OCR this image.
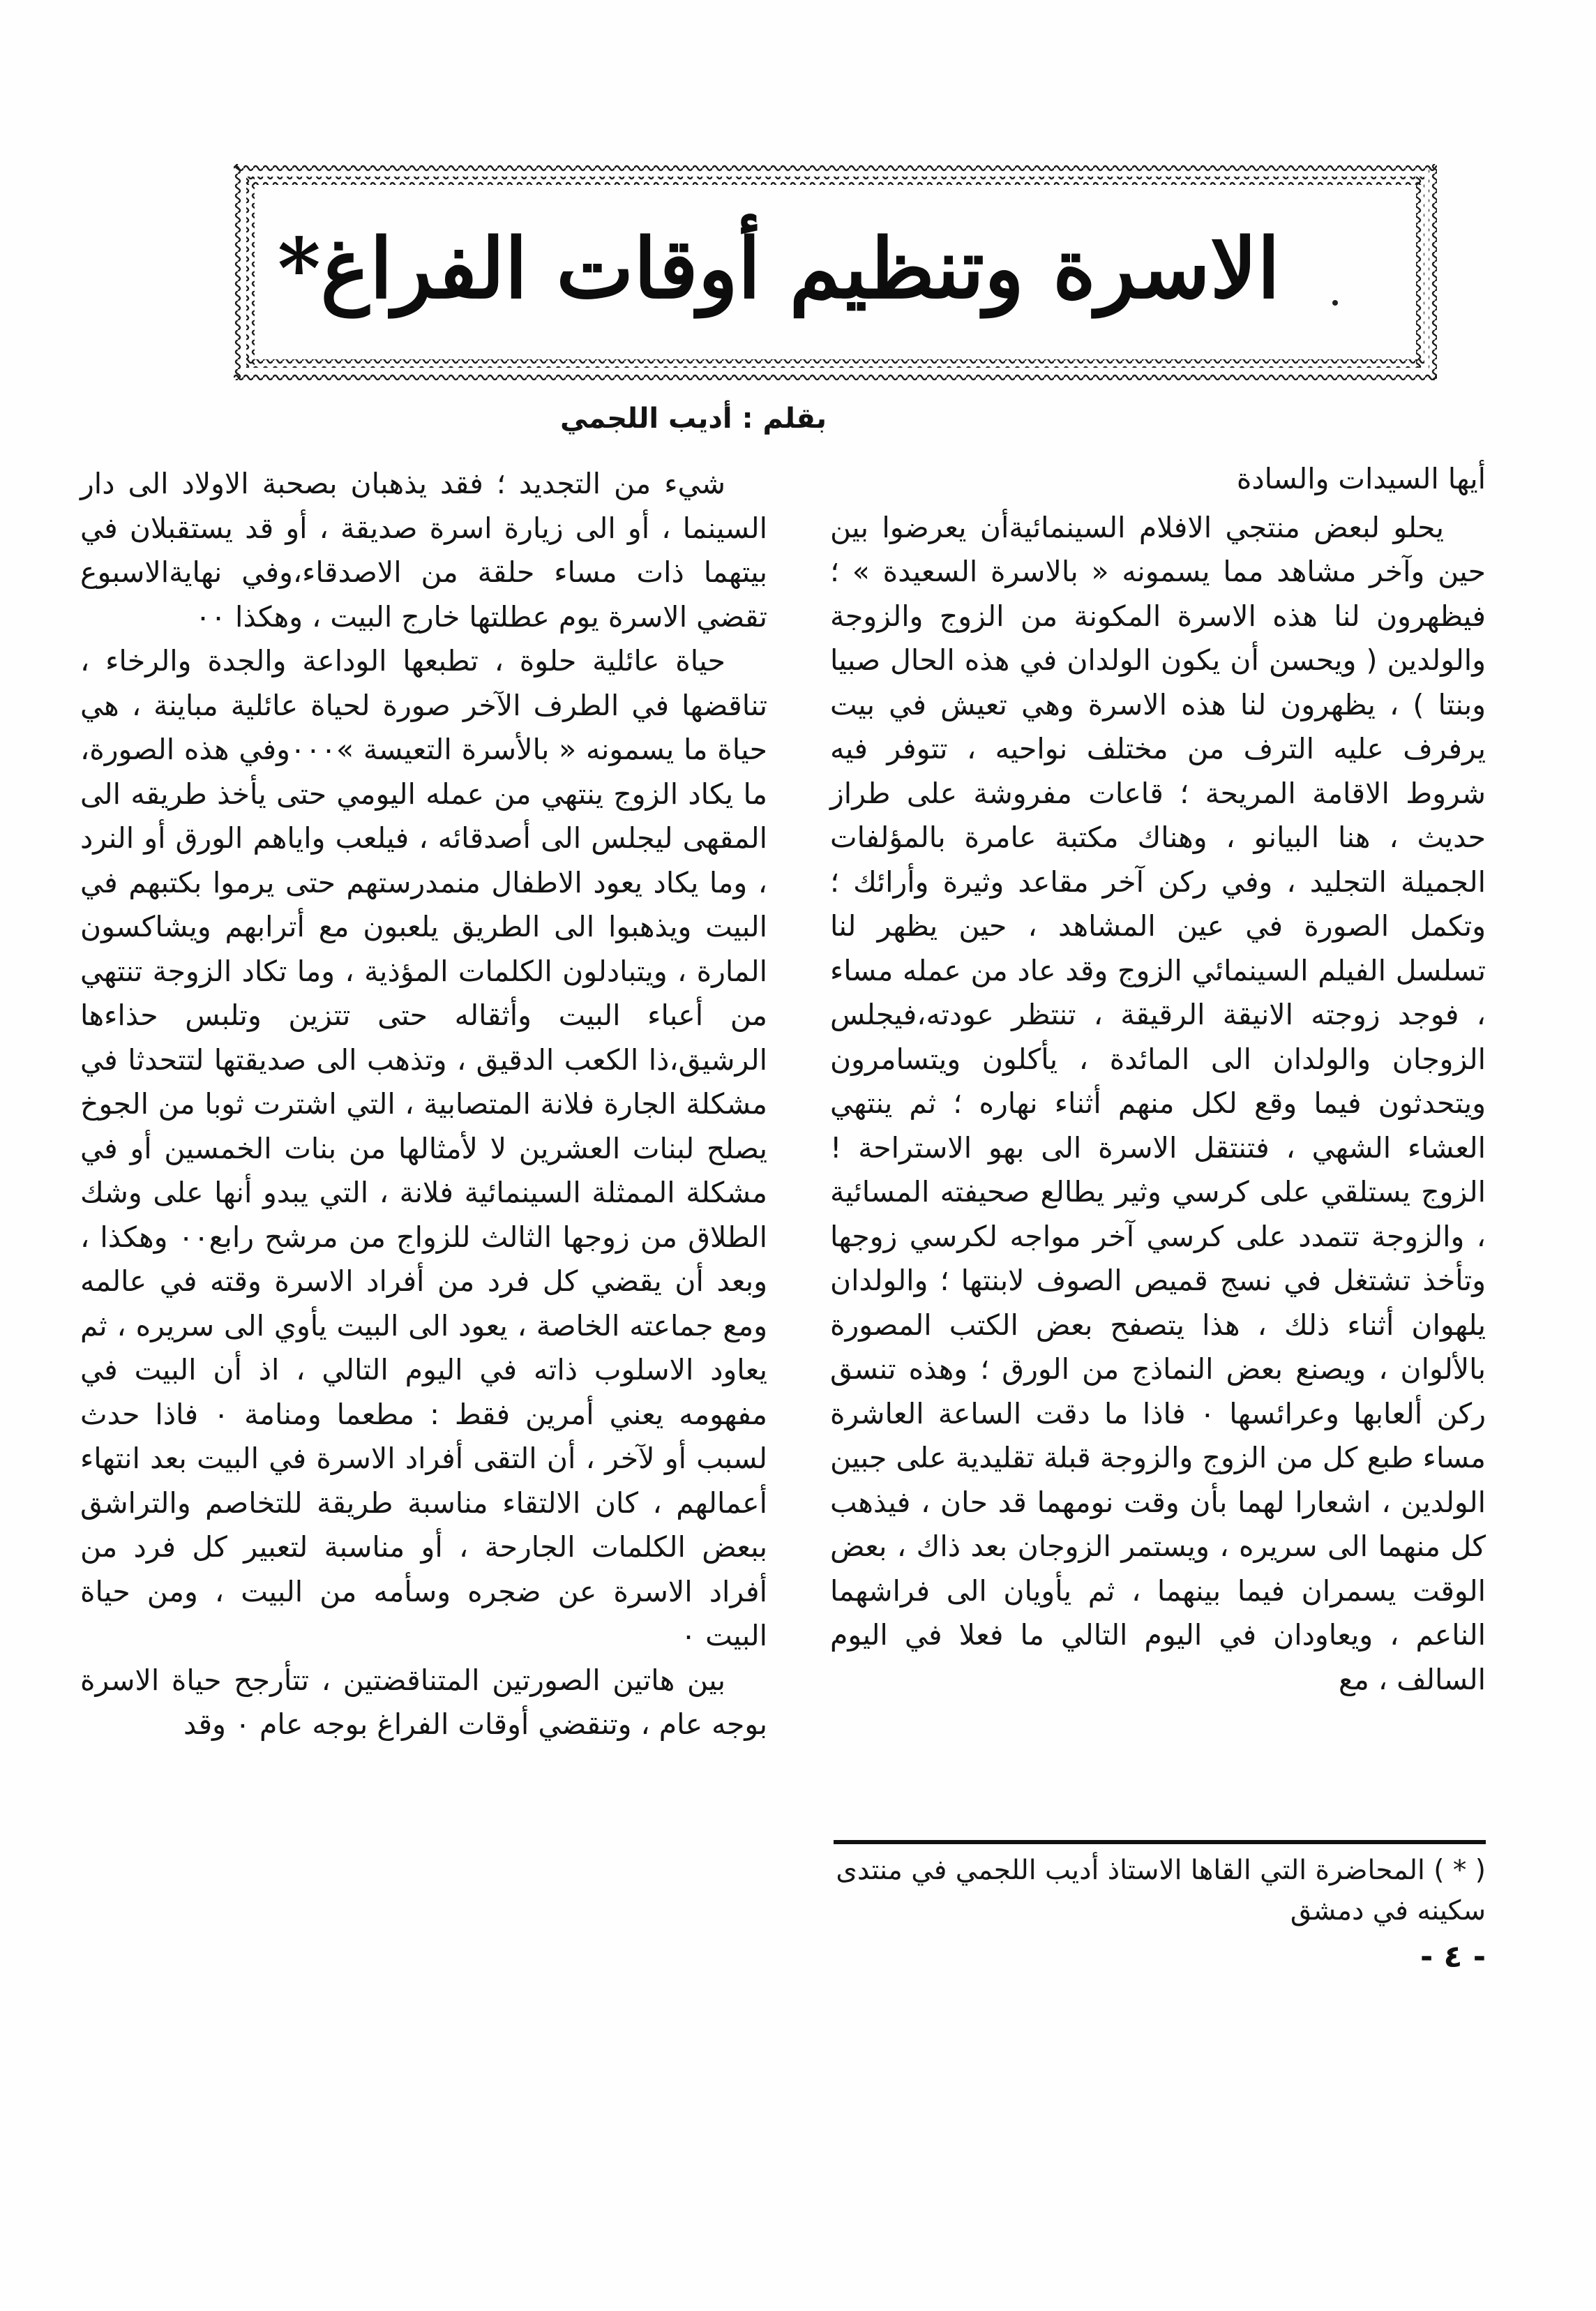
الاسرة وتنظيم أوقات الفراغ*

أيها السيدات والسادة

يحلو لبعض منتجي الافلام السينمائيةأن يعرضوا بين حين وآخر مشاهد مما يسمونه « بالاسرة السعيدة » ؛ فيظهرون لنا هذه الاسرة المكونة من الزوج والزوجة والولدين ( ويحسن أن يكون الولدان في هذه الحال صبيا وبنتا ) ، يظهرون لنا هذه الاسرة وهي تعيش في بيت يرفرف عليه الترف من مختلف نواحيه ، تتوفر فيه شروط الاقامة المريحة ؛ قاعات مفروشة على طراز حديث ، هنا البيانو ، وهناك مكتبة عامرة بالمؤلفات الجميلة التجليد ، وفي ركن آخر مقاعد وثيرة وأرائك ؛ وتكمل الصورة في عين المشاهد ، حين يظهر لنا تسلسل الفيلم السينمائي الزوج وقد عاد من عمله مساء ، فوجد زوجته الانيقة الرقيقة ، تنتظر عودته،فيجلس الزوجان والولدان الى المائدة ، يأكلون ويتسامرون ويتحدثون فيما وقع لكل منهم أثناء نهاره ؛ ثم ينتهي العشاء الشهي ، فتنتقل الاسرة الى بهو الاستراحة ! الزوج يستلقي على كرسي وثير يطالع صحيفته المسائية ، والزوجة تتمدد على كرسي آخر مواجه لكرسي زوجها وتأخذ تشتغل في نسج قميص الصوف لابنتها ؛ والولدان يلهوان أثناء ذلك ، هذا يتصفح بعض الكتب المصورة بالألوان ، ويصنع بعض النماذج من الورق ؛ وهذه تنسق ركن ألعابها وعرائسها ٠ فاذا ما دقت الساعة العاشرة مساء طبع كل من الزوج والزوجة قبلة تقليدية على جبين الولدين ، اشعارا لهما بأن وقت نومهما قد حان ، فيذهب كل منهما الى سريره ، ويستمر الزوجان بعد ذاك ، بعض الوقت يسمران فيما بينهما ، ثم يأويان الى فراشهما الناعم ، ويعاودان في اليوم التالي ما فعلا في اليوم السالف ، مع

بقلم : أديب اللجمي

شيء من التجديد ؛ فقد يذهبان بصحبة الاولاد الى دار السينما ، أو الى زيارة اسرة صديقة ، أو قد يستقبلان في بيتهما ذات مساء حلقة من الاصدقاء،وفي نهايةالاسبوع تقضي الاسرة يوم عطلتها خارج البيت ، وهكذا ٠٠

حياة عائلية حلوة ، تطبعها الوداعة والجدة والرخاء ، تناقضها في الطرف الآخر صورة لحياة عائلية مباينة ، هي حياة ما يسمونه « بالأسرة التعيسة »٠٠٠وفي هذه الصورة، ما يكاد الزوج ينتهي من عمله اليومي حتى يأخذ طريقه الى المقهى ليجلس الى أصدقائه ، فيلعب واياهم الورق أو النرد ، وما يكاد يعود الاطفال منمدرستهم حتى يرموا بكتبهم في البيت ويذهبوا الى الطريق يلعبون مع أترابهم ويشاكسون المارة ، ويتبادلون الكلمات المؤذية ، وما تكاد الزوجة تنتهي من أعباء البيت وأثقاله حتى تتزين وتلبس حذاءها الرشيق،ذا الكعب الدقيق ، وتذهب الى صديقتها لتتحدثا في مشكلة الجارة فلانة المتصابية ، التي اشترت ثوبا من الجوخ يصلح لبنات العشرين لا لأمثالها من بنات الخمسين أو في مشكلة الممثلة السينمائية فلانة ، التي يبدو أنها على وشك الطلاق من زوجها الثالث للزواج من مرشح رابع٠٠ وهكذا ، وبعد أن يقضي كل فرد من أفراد الاسرة وقته في عالمه ومع جماعته الخاصة ، يعود الى البيت يأوي الى سريره ، ثم يعاود الاسلوب ذاته في اليوم التالي ، اذ أن البيت في مفهومه يعني أمرين فقط : مطعما ومنامة ٠ فاذا حدث لسبب أو لآخر ، أن التقى أفراد الاسرة في البيت بعد انتهاء أعمالهم ، كان الالتقاء مناسبة طريقة للتخاصم والتراشق ببعض الكلمات الجارحة ، أو مناسبة لتعبير كل فرد من أفراد الاسرة عن ضجره وسأمه من البيت ، ومن حياة البيت ٠

بين هاتين الصورتين المتناقضتين ، تتأرجح حياة الاسرة بوجه عام ، وتنقضي أوقات الفراغ بوجه عام ٠ وقد

( * ) المحاضرة التي القاها الاستاذ أديب اللجمي في منتدى سكينه في دمشق
- ٤ -
